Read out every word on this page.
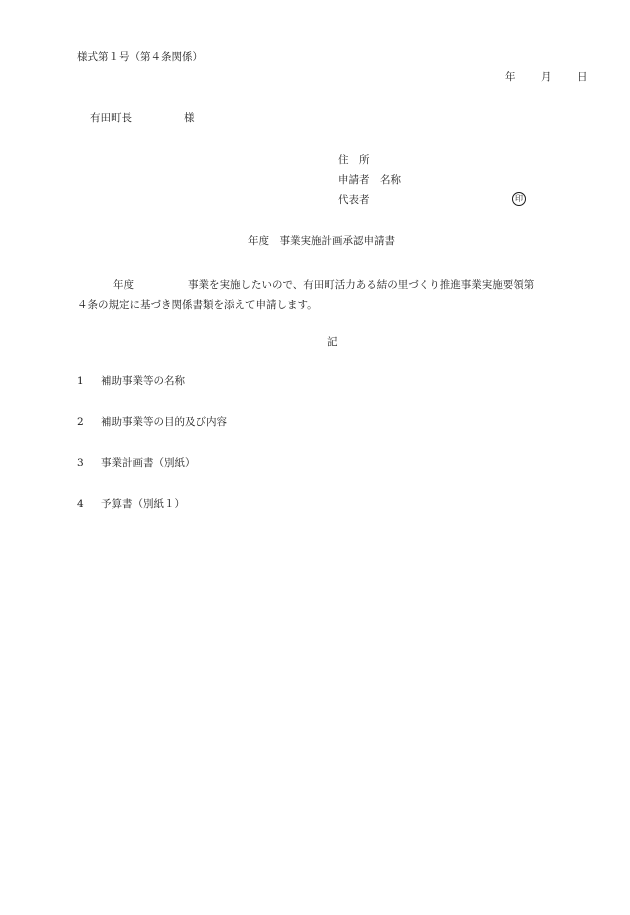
様式第１号（第４条関係）
年 月 日
有田町長	様
住　所
申請者　名称
代表者	印
年度　事業実施計画承認申請書
年度	事業を実施したいので、有田町活力ある結の里づくり推進事業実施要領第
４条の規定に基づき関係書類を添えて申請します。
記
1 補助事業等の名称
2 補助事業等の目的及び内容
3 事業計画書（別紙）
4 予算書（別紙１）
